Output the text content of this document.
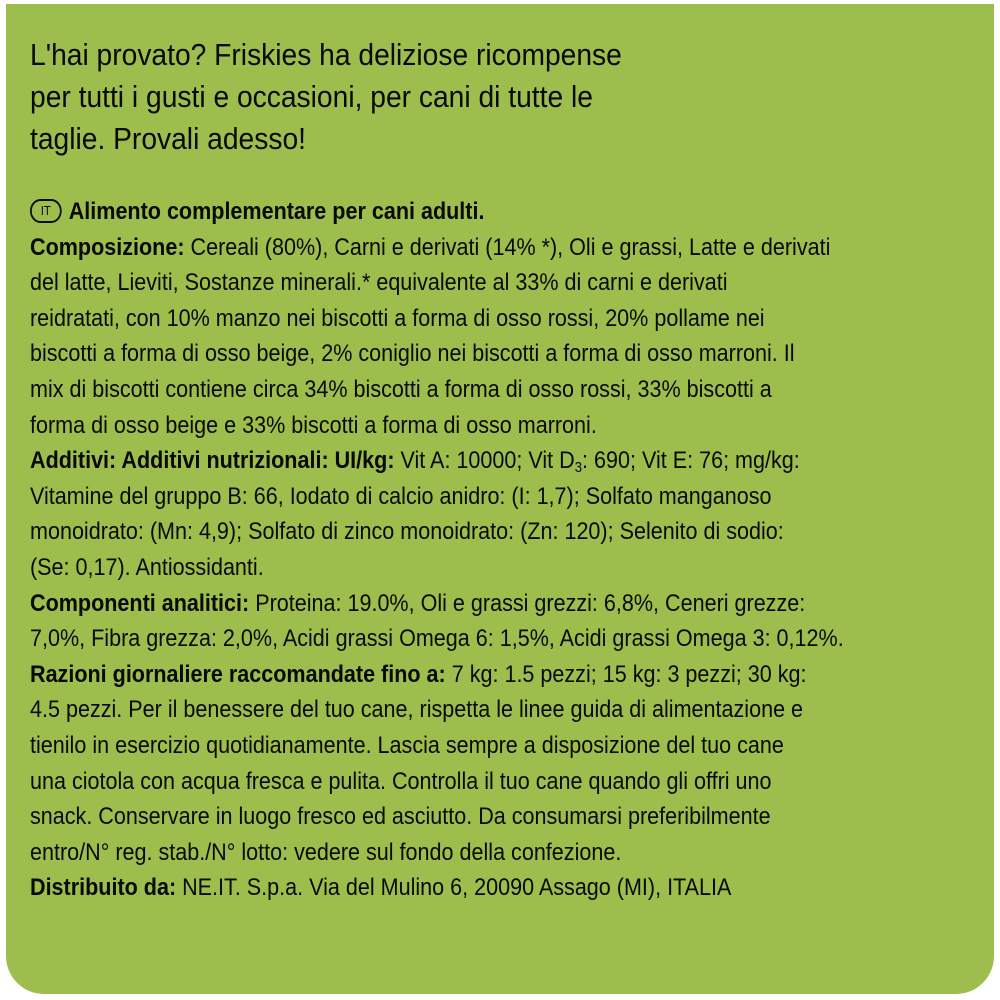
L'hai provato? Friskies ha deliziose ricompense
per tutti i gusti e occasioni, per cani di tutte le
taglie. Provali adesso!
IT Alimento complementare per cani adulti.
Composizione: Cereali (80%), Carni e derivati (14% *), Oli e grassi, Latte e derivati
del latte, Lieviti, Sostanze minerali.* equivalente al 33% di carni e derivati
reidratati, con 10% manzo nei biscotti a forma di osso rossi, 20% pollame nei
biscotti a forma di osso beige, 2% coniglio nei biscotti a forma di osso marroni. Il
mix di biscotti contiene circa 34% biscotti a forma di osso rossi, 33% biscotti a
forma di osso beige e 33% biscotti a forma di osso marroni.
Additivi: Additivi nutrizionali: UI/kg: Vit A: 10000; Vit $D_3$: 690; Vit E: 76; mg/kg:
Vitamine del gruppo B: 66, Iodato di calcio anidro: (I: 1,7); Solfato manganoso
monoidrato: (Mn: 4,9); Solfato di zinco monoidrato: (Zn: 120); Selenito di sodio:
(Se: 0,17). Antiossidanti.
Componenti analitici: Proteina: 19.0%, Oli e grassi grezzi: 6,8%, Ceneri grezze:
7,0%, Fibra grezza: 2,0%, Acidi grassi Omega 6: 1,5%, Acidi grassi Omega 3: 0,12%.
Razioni giornaliere raccomandate fino a: 7 kg: 1.5 pezzi; 15 kg: 3 pezzi; 30 kg:
4.5 pezzi. Per il benessere del tuo cane, rispetta le linee guida di alimentazione e
tienilo in esercizio quotidianamente. Lascia sempre a disposizione del tuo cane
una ciotola con acqua fresca e pulita. Controlla il tuo cane quando gli offri uno
snack. Conservare in luogo fresco ed asciutto. Da consumarsi preferibilmente
entro/N° reg. stab./N° lotto: vedere sul fondo della confezione.
Distribuito da: NE.IT. S.p.a. Via del Mulino 6, 20090 Assago (MI), ITALIA
